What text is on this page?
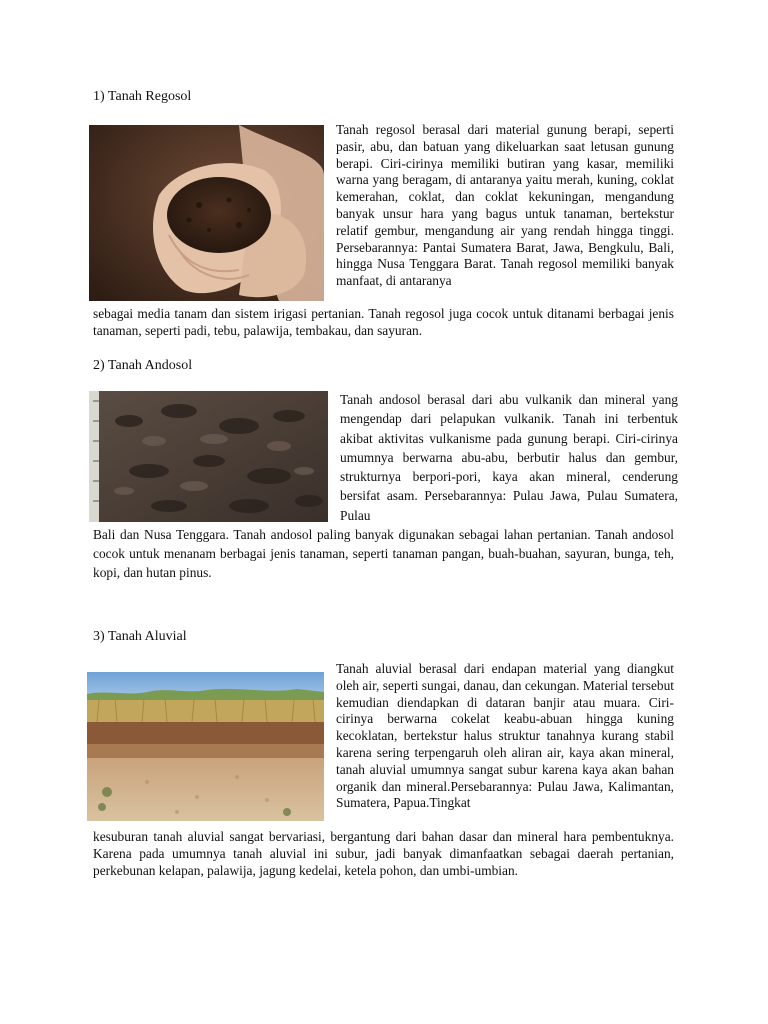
1) Tanah Regosol

Tanah regosol berasal dari material gunung berapi, seperti pasir, abu, dan batuan yang dikeluarkan saat letusan gunung berapi. Ciri-cirinya memiliki butiran yang kasar, memiliki warna yang beragam, di antaranya yaitu merah, kuning, coklat kemerahan, coklat, dan coklat kekuningan, mengandung banyak unsur hara yang bagus untuk tanaman, bertekstur relatif gembur, mengandung air yang rendah hingga tinggi. Persebarannya: Pantai Sumatera Barat, Jawa, Bengkulu, Bali, hingga Nusa Tenggara Barat. Tanah regosol memiliki banyak manfaat, di antaranya

sebagai media tanam dan sistem irigasi pertanian. Tanah regosol juga cocok untuk ditanami berbagai jenis tanaman, seperti padi, tebu, palawija, tembakau, dan sayuran.

2) Tanah Andosol

Tanah andosol berasal dari abu vulkanik dan mineral yang mengendap dari pelapukan vulkanik. Tanah ini terbentuk akibat aktivitas vulkanisme pada gunung berapi. Ciri-cirinya umumnya berwarna abu-abu, berbutir halus dan gembur, strukturnya berpori-pori, kaya akan mineral, cenderung bersifat asam. Persebarannya: Pulau Jawa, Pulau Sumatera, Pulau

Bali dan Nusa Tenggara. Tanah andosol paling banyak digunakan sebagai lahan pertanian. Tanah andosol cocok untuk menanam berbagai jenis tanaman, seperti tanaman pangan, buah-buahan, sayuran, bunga, teh, kopi, dan hutan pinus.

3) Tanah Aluvial

Tanah aluvial berasal dari endapan material yang diangkut oleh air, seperti sungai, danau, dan cekungan. Material tersebut kemudian diendapkan di dataran banjir atau muara. Ciri-cirinya berwarna cokelat keabu-abuan hingga kuning kecoklatan, bertekstur halus struktur tanahnya kurang stabil karena sering terpengaruh oleh aliran air, kaya akan mineral, tanah aluvial umumnya sangat subur karena kaya akan bahan organik dan mineral.Persebarannya: Pulau Jawa, Kalimantan, Sumatera, Papua.Tingkat

kesuburan tanah aluvial sangat bervariasi, bergantung dari bahan dasar dan mineral hara pembentuknya. Karena pada umumnya tanah aluvial ini subur, jadi banyak dimanfaatkan sebagai daerah pertanian, perkebunan kelapan, palawija, jagung kedelai, ketela pohon, dan umbi-umbian.
